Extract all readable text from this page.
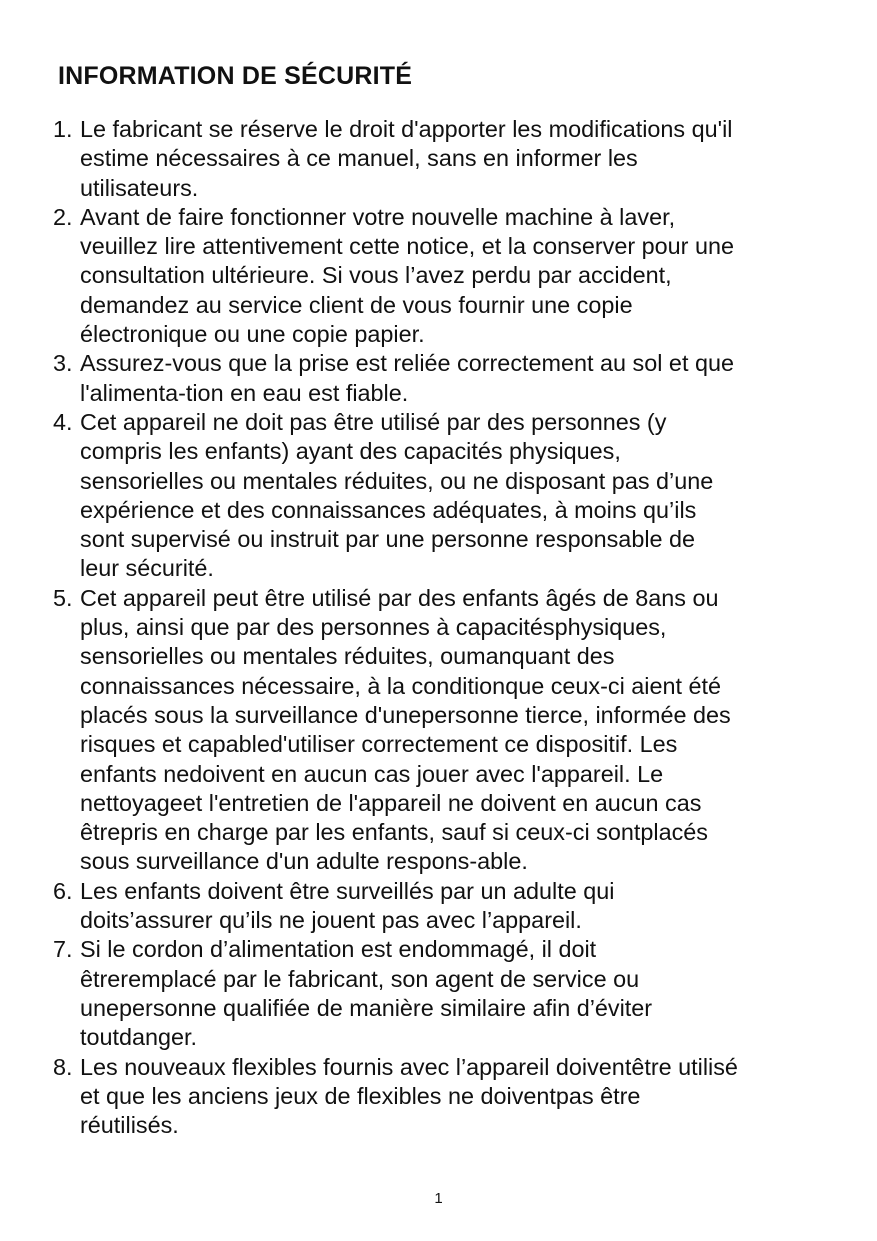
INFORMATION DE SÉCURITÉ
1. Le fabricant se réserve le droit d'apporter les modifications qu'il
estime nécessaires à ce manuel, sans en informer les
utilisateurs.
2. Avant de faire fonctionner votre nouvelle machine à laver,
veuillez lire attentivement cette notice, et la conserver pour une
consultation ultérieure. Si vous l’avez perdu par accident,
demandez au service client de vous fournir une copie
électronique ou une copie papier.
3. Assurez-vous que la prise est reliée correctement au sol et que
l'alimenta-tion en eau est fiable.
4. Cet appareil ne doit pas être utilisé par des personnes (y
compris les enfants) ayant des capacités physiques,
sensorielles ou mentales réduites, ou ne disposant pas d’une
expérience et des connaissances adéquates, à moins qu’ils
sont supervisé ou instruit par une personne responsable de
leur sécurité.
5. Cet appareil peut être utilisé par des enfants âgés de 8ans ou
plus, ainsi que par des personnes à capacitésphysiques,
sensorielles ou mentales réduites, oumanquant des
connaissances nécessaire, à la conditionque ceux-ci aient été
placés sous la surveillance d'unepersonne tierce, informée des
risques et capabled'utiliser correctement ce dispositif. Les
enfants nedoivent en aucun cas jouer avec l'appareil. Le
nettoyageet l'entretien de l'appareil ne doivent en aucun cas
êtrepris en charge par les enfants, sauf si ceux-ci sontplacés
sous surveillance d'un adulte respons-able.
6. Les enfants doivent être surveillés par un adulte qui
doits’assurer qu’ils ne jouent pas avec l’appareil.
7. Si le cordon d’alimentation est endommagé, il doit
êtreremplacé par le fabricant, son agent de service ou
unepersonne qualifiée de manière similaire afin d’éviter
toutdanger.
8. Les nouveaux flexibles fournis avec l’appareil doiventêtre utilisé
et que les anciens jeux de flexibles ne doiventpas être
réutilisés.
1
